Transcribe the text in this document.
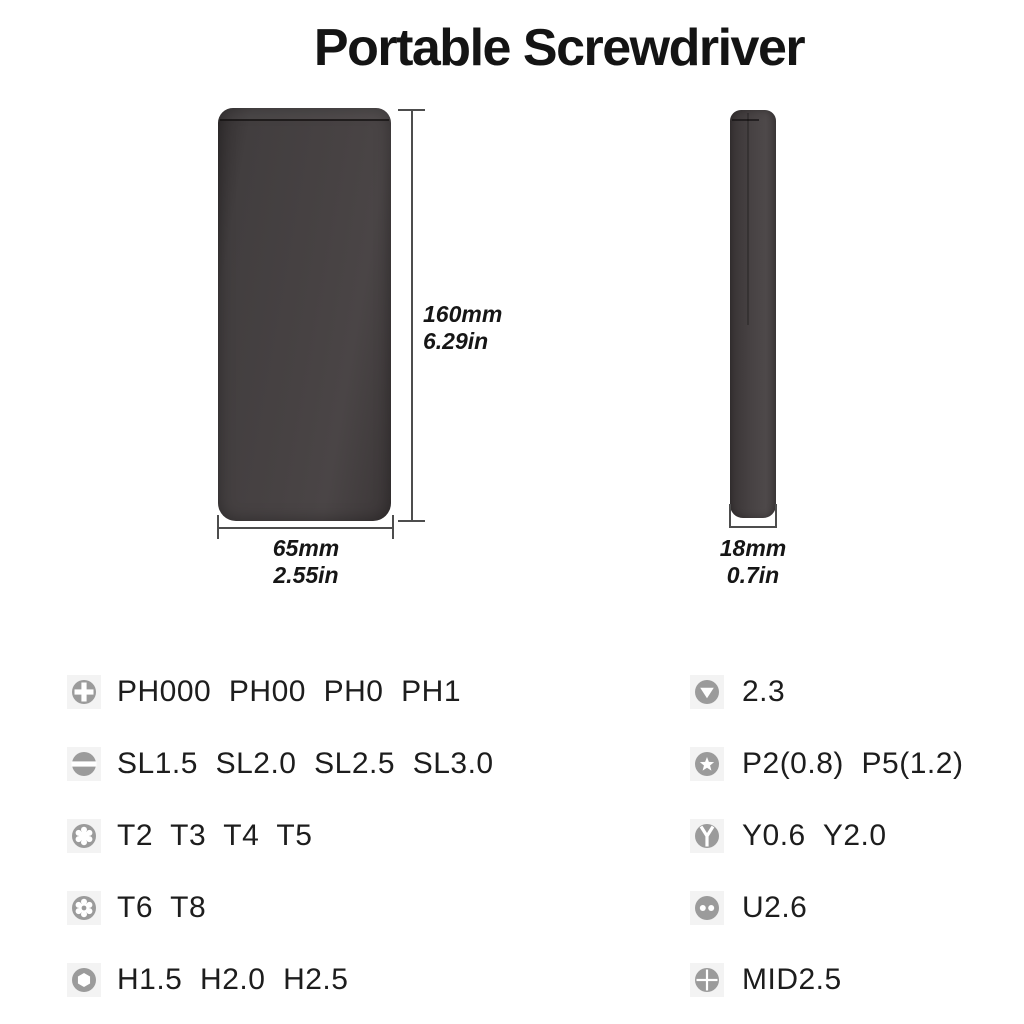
Portable Screwdriver
160mm
6.29in
65mm
2.55in
18mm
0.7in
PH000  PH00  PH0  PH1
SL1.5  SL2.0  SL2.5  SL3.0
T2  T3  T4  T5
T6  T8
H1.5  H2.0  H2.5
2.3
P2(0.8)  P5(1.2)
Y0.6  Y2.0
U2.6
MID2.5
